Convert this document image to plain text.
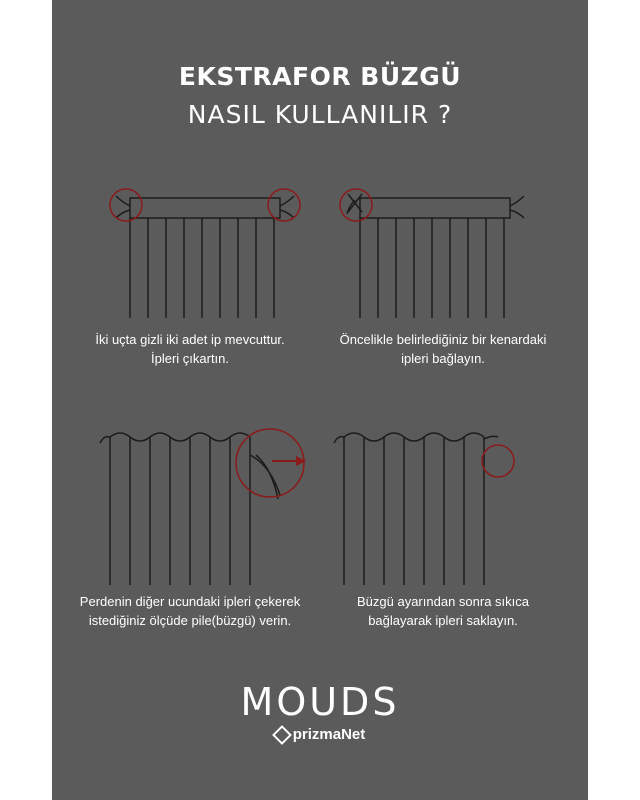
EKSTRAFOR BÜZGÜ
NASIL KULLANILIR ?
İki uçta gizli iki adet ip mevcuttur.
İpleri çıkartın.
Öncelikle belirlediğiniz bir kenardaki
ipleri bağlayın.
Perdenin diğer ucundaki ipleri çekerek
istediğiniz ölçüde pile(büzgü) verin.
Büzgü ayarından sonra sıkıca
bağlayarak ipleri saklayın.
MOUDS
prizmaNet
